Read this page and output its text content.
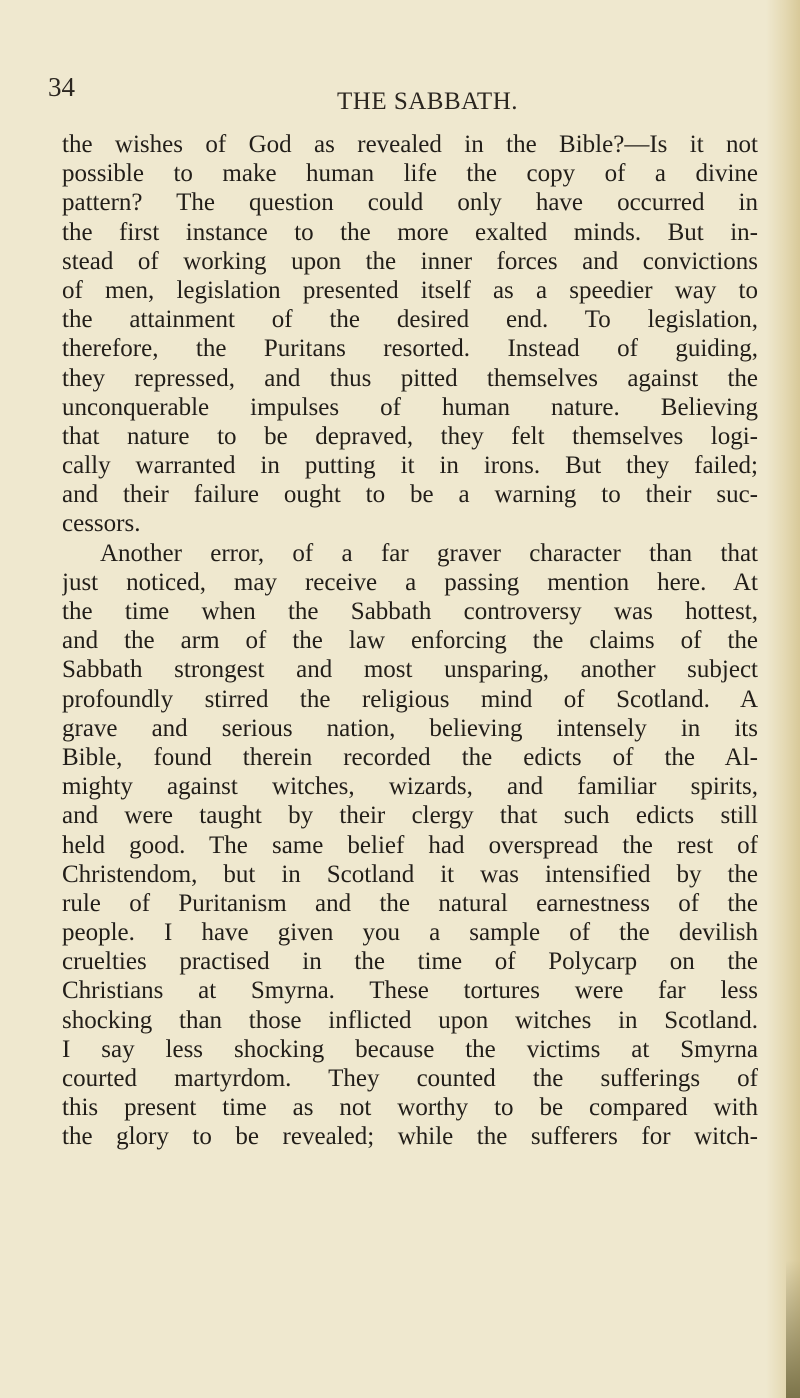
34	THE SABBATH.
the wishes of God as revealed in the Bible?—Is it not
possible to make human life the copy of a divine
pattern? The question could only have occurred in
the first instance to the more exalted minds. But in-
stead of working upon the inner forces and convictions
of men, legislation presented itself as a speedier way to
the attainment of the desired end. To legislation,
therefore, the Puritans resorted. Instead of guiding,
they repressed, and thus pitted themselves against the
unconquerable impulses of human nature. Believing
that nature to be depraved, they felt themselves logi-
cally warranted in putting it in irons. But they failed;
and their failure ought to be a warning to their suc-
cessors.
Another error, of a far graver character than that
just noticed, may receive a passing mention here. At
the time when the Sabbath controversy was hottest,
and the arm of the law enforcing the claims of the
Sabbath strongest and most unsparing, another subject
profoundly stirred the religious mind of Scotland. A
grave and serious nation, believing intensely in its
Bible, found therein recorded the edicts of the Al-
mighty against witches, wizards, and familiar spirits,
and were taught by their clergy that such edicts still
held good. The same belief had overspread the rest of
Christendom, but in Scotland it was intensified by the
rule of Puritanism and the natural earnestness of the
people. I have given you a sample of the devilish
cruelties practised in the time of Polycarp on the
Christians at Smyrna. These tortures were far less
shocking than those inflicted upon witches in Scotland.
I say less shocking because the victims at Smyrna
courted martyrdom. They counted the sufferings of
this present time as not worthy to be compared with
the glory to be revealed; while the sufferers for witch-
